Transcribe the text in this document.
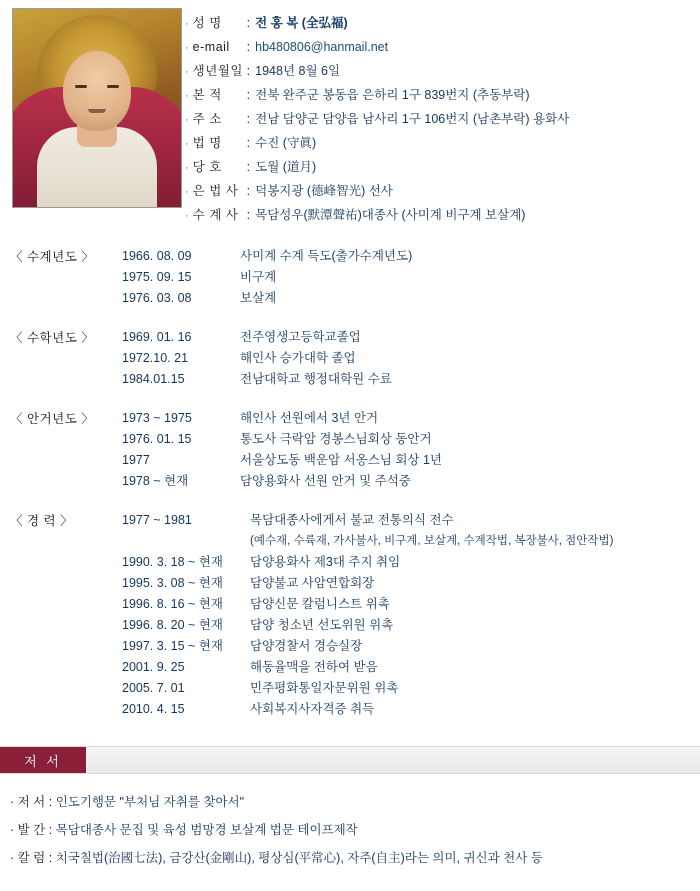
· 성 명	: 전 홍 복 (全弘福)
· e-mail	: hb480806@hanmail.net
· 생년월일 : 1948년 8월 6일
· 본 적	: 전북 완주군 봉동읍 은하리 1구 839번지 (추동부락)
· 주 소	: 전남 담양군 담양읍 남사리 1구 106번지 (남촌부락) 용화사
· 법 명	: 수진 (守眞)
· 당 호	: 도월 (道月)
· 은 법 사 : 덕봉지광 (德峰智光) 선사
· 수 계 사 : 목담성우(默潭聲祐)대종사 (사미계 비구계 보살계)
〈 수계년도 〉	1966. 08. 09	사미계 수계 득도(출가수계년도)
1975. 09. 15	비구계
1976. 03. 08	보살계
〈 수학년도 〉	1969. 01. 16	전주영생고등학교졸업
1972.10. 21	해인사 승가대학 졸업
1984.01.15	전남대학교 행정대학원 수료
〈 안거년도 〉	1973 ~ 1975	해인사 선원에서 3년 안거
1976. 01. 15	통도사 극락암 경봉스님회상 동안거
1977	서울상도동 백운암 서옹스님 회상 1년
1978 ~ 현재	담양용화사 선원 안거 및 주석중
〈 경 력 〉	1977 ~ 1981	목담대종사에게서 불교 전통의식 전수
(예수재, 수륙재, 가사불사, 비구계, 보살계, 수계작법, 복장불사, 점안작법)
1990. 3. 18 ~ 현재	담양용화사 제3대 주지 취임
1995. 3. 08 ~ 현재	담양불교 사암연합회장
1996. 8. 16 ~ 현재	담양신문 칼럼니스트 위촉
1996. 8. 20 ~ 현재	담양 청소년 선도위원 위촉
1997. 3. 15 ~ 현재	담양경찰서 경승실장
2001. 9. 25	해동율맥을 전하여 받음
2005. 7. 01	민주평화통일자문위원 위촉
2010. 4. 15	사회복지사자격증 취득
저 서
· 저 서 :
인도기행문 "부처님 자취를 찾아서"
· 발 간 :
목담대종사 문집 및 육성 범망경 보살계 법문 테이프제작
· 칼 럼 :
치국칠법(治國七法), 금강산(金剛山), 평상심(平常心), 자주(自主)라는 의미, 귀신과 천사 등
